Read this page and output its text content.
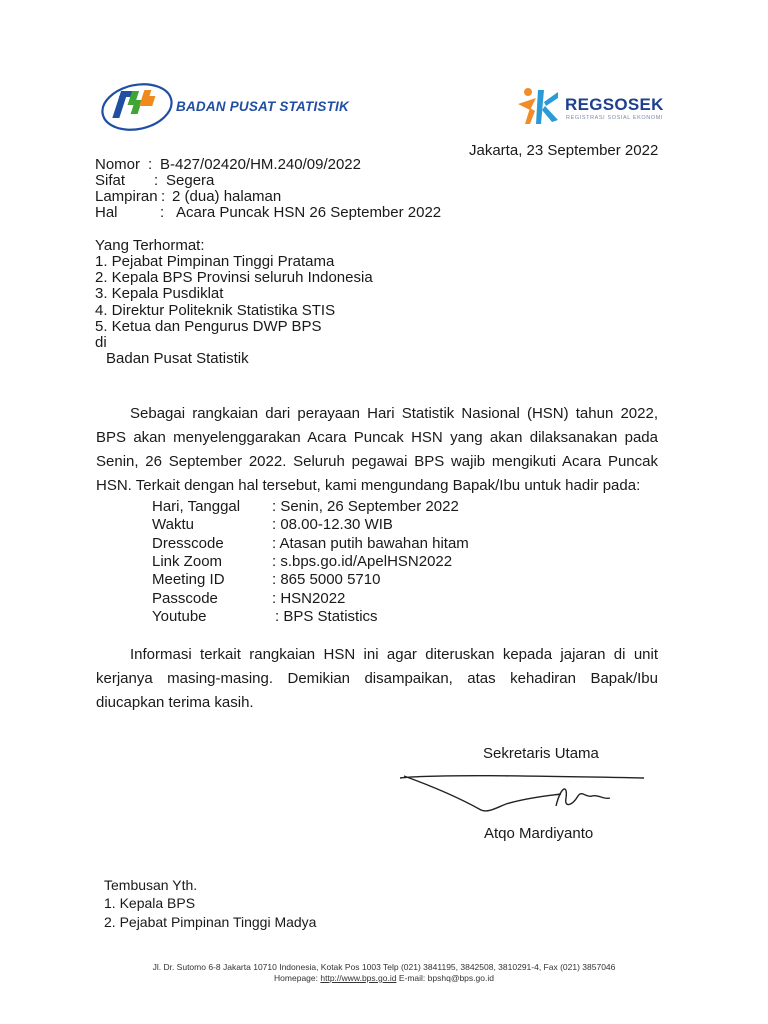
BADAN PUSAT STATISTIK	REGSOSEK
REGISTRASI SOSIAL EKONOMI
Jakarta, 23 September 2022
Nomor : B-427/02420/HM.240/09/2022
Sifat : Segera
Lampiran : 2 (dua) halaman
Hal	: Acara Puncak HSN 26 September 2022
Yang Terhormat:
1. Pejabat Pimpinan Tinggi Pratama
2. Kepala BPS Provinsi seluruh Indonesia
3. Kepala Pusdiklat
4. Direktur Politeknik Statistika STIS
5. Ketua dan Pengurus DWP BPS
di
Badan Pusat Statistik

Sebagai rangkaian dari perayaan Hari Statistik Nasional (HSN) tahun 2022, BPS akan menyelenggarakan Acara Puncak HSN yang akan dilaksanakan pada Senin, 26 September 2022. Seluruh pegawai BPS wajib mengikuti Acara Puncak HSN. Terkait dengan hal tersebut, kami mengundang Bapak/Ibu untuk hadir pada:

Hari, Tanggal : Senin, 26 September 2022
Waktu	: 08.00-12.30 WIB
Dresscode	: Atasan putih bawahan hitam
Link Zoom	: s.bps.go.id/ApelHSN2022
Meeting ID	: 865 5000 5710
Passcode	: HSN2022
Youtube	: BPS Statistics

Informasi terkait rangkaian HSN ini agar diteruskan kepada jajaran di unit kerjanya masing-masing. Demikian disampaikan, atas kehadiran Bapak/Ibu diucapkan terima kasih.

Sekretaris Utama
Atqo Mardiyanto
Tembusan Yth.
1. Kepala BPS
2. Pejabat Pimpinan Tinggi Madya
Jl. Dr. Sutomo 6-8 Jakarta 10710 Indonesia, Kotak Pos 1003 Telp (021) 3841195, 3842508, 3810291-4, Fax (021) 3857046
Homepage: http://www.bps.go.id E-mail: bpshq@bps.go.id
